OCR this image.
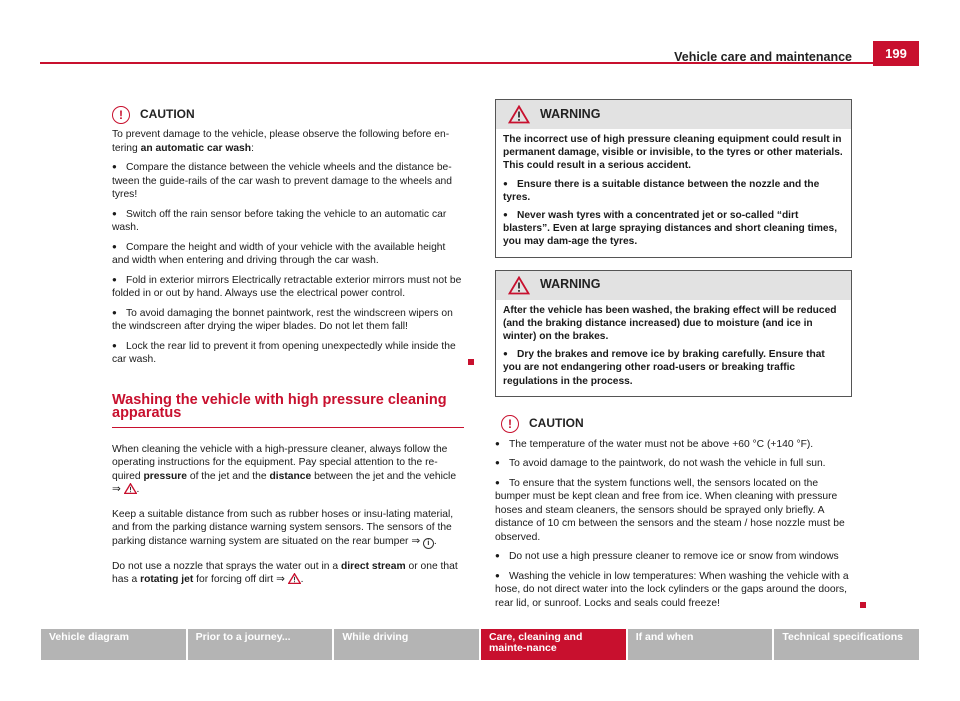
Vehicle care and maintenance	199
!	CAUTION

To prevent damage to the vehicle, please observe the following before en-tering an automatic car wash:

● Compare the distance between the vehicle wheels and the distance be-tween the guide-rails of the car wash to prevent damage to the wheels and tyres!

● Switch off the rain sensor before taking the vehicle to an automatic car wash.

● Compare the height and width of your vehicle with the available height and width when entering and driving through the car wash.

● Fold in exterior mirrors Electrically retractable exterior mirrors must not be folded in or out by hand. Always use the electrical power control.

● To avoid damaging the bonnet paintwork, rest the windscreen wipers on the windscreen after drying the wiper blades. Do not let them fall!

● Lock the rear lid to prevent it from opening unexpectedly while inside the car wash.

Washing the vehicle with high pressure cleaning apparatus

When cleaning the vehicle with a high-pressure cleaner, always follow the operating instructions for the equipment. Pay special attention to the re-quired pressure of the jet and the distance between the jet and the vehicle ⇒ .

Keep a suitable distance from such as rubber hoses or insu-lating material, and from the parking distance warning system sensors. The sensors of the parking distance warning system are situated on the rear bumper ⇒ i .

Do not use a nozzle that sprays the water out in a direct stream or one that has a rotating jet for forcing off dirt ⇒ .

WARNING

The incorrect use of high pressure cleaning equipment could result in permanent damage, visible or invisible, to the tyres or other materials. This could result in a serious accident.

● Ensure there is a suitable distance between the nozzle and the tyres.

● Never wash tyres with a concentrated jet or so-called “dirt blasters”. Even at large spraying distances and short cleaning times, you may dam-age the tyres.

WARNING

After the vehicle has been washed, the braking effect will be reduced (and the braking distance increased) due to moisture (and ice in winter) on the brakes.

● Dry the brakes and remove ice by braking carefully. Ensure that you are not endangering other road-users or breaking traffic regulations in the process.

!	CAUTION

● The temperature of the water must not be above +60 °C (+140 °F).

● To avoid damage to the paintwork, do not wash the vehicle in full sun.

● To ensure that the system functions well, the sensors located on the bumper must be kept clean and free from ice. When cleaning with pressure hoses and steam cleaners, the sensors should be sprayed only briefly. A distance of 10 cm between the sensors and the steam / hose nozzle must be observed.

● Do not use a high pressure cleaner to remove ice or snow from windows

● Washing the vehicle in low temperatures: When washing the vehicle with a hose, do not direct water into the lock cylinders or the gaps around the doors, rear lid, or sunroof. Locks and seals could freeze!

Vehicle diagram	Prior to a journey...	While driving	Care, cleaning and mainte-nance
If and when	Technical specifications
